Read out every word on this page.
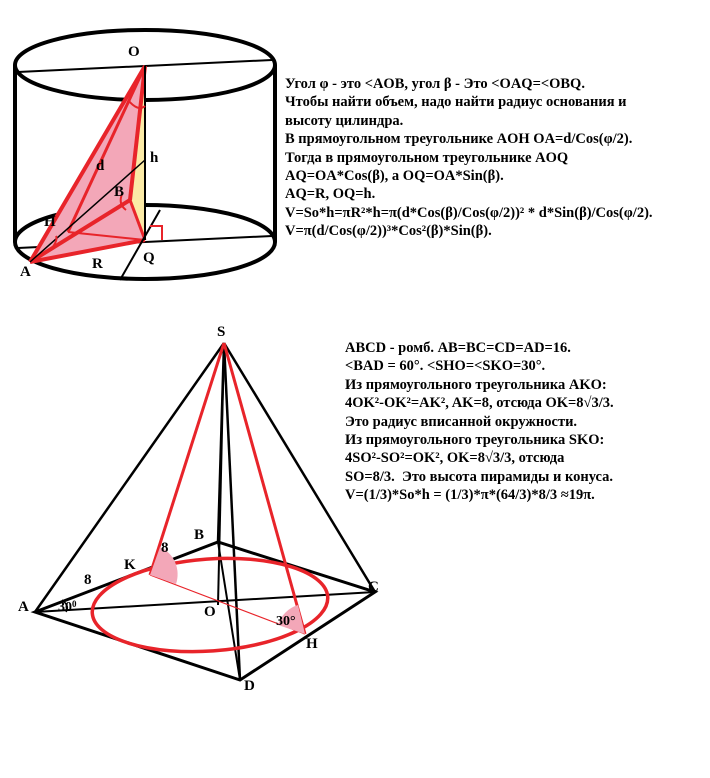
O
d	h
B
H
A	R	Q
S
B
C
A
D
O
K
H
8
8
$30^0$
30°
Угол φ - это <AOB, угол β - Это <OAQ=<OBQ.
Чтобы найти объем, надо найти радиус основания и
высоту цилиндра.
В прямоугольном треугольнике AOH OA=d/Cos(φ/2).
Тогда в прямоугольном треугольнике AOQ
AQ=OA*Cos(β), а OQ=OA*Sin(β).
AQ=R, OQ=h.
V=So*h=πR²*h=π(d*Cos(β)/Cos(φ/2))² * d*Sin(β)/Cos(φ/2).
V=π(d/Cos(φ/2))³*Cos²(β)*Sin(β).
ABCD - ромб. AB=BC=CD=AD=16.
<BAD = 60°. <SHO=<SKO=30°.
Из прямоугольного треугольника AKO:
4OK²-OK²=AK², AK=8, отсюда OK=8√3/3.
Это радиус вписанной окружности.
Из прямоугольного треугольника SKO:
4SO²-SO²=OK², OK=8√3/3, отсюда
SO=8/3.  Это высота пирамиды и конуса.
V=(1/3)*So*h = (1/3)*π*(64/3)*8/3 ≈19π.
